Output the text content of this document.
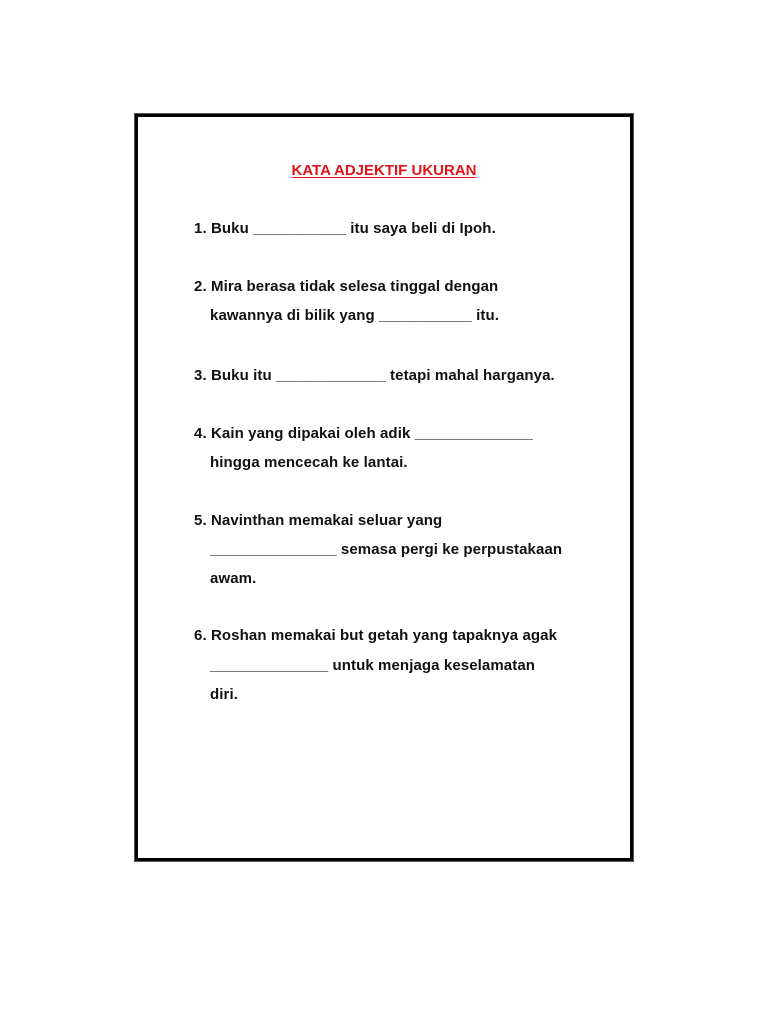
KATA ADJEKTIF UKURAN
1. Buku ___________ itu saya beli di Ipoh.
2. Mira berasa tidak selesa tinggal dengan
kawannya di bilik yang ___________ itu.
3. Buku itu _____________ tetapi mahal harganya.
4. Kain yang dipakai oleh adik ______________
hingga mencecah ke lantai.
5. Navinthan memakai seluar yang
_______________ semasa pergi ke perpustakaan
awam.
6. Roshan memakai but getah yang tapaknya agak
______________ untuk menjaga keselamatan
diri.
